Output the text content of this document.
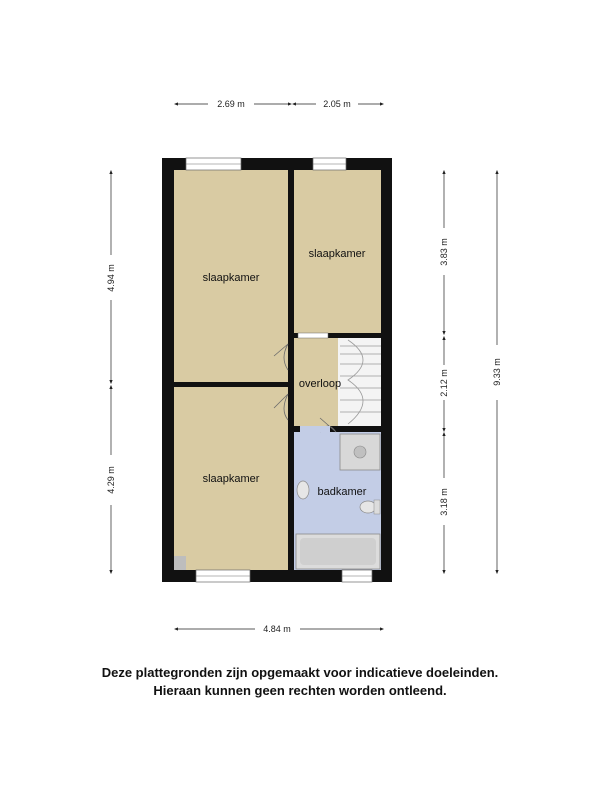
slaapkamer
slaapkamer
overloop
slaapkamer
badkamer
2.69 m	2.05 m
4.84 m
4.94 m
4.29 m
3.83 m
2.12 m
3.18 m
9.33 m
Deze plattegronden zijn opgemaakt voor indicatieve doeleinden.
Hieraan kunnen geen rechten worden ontleend.
